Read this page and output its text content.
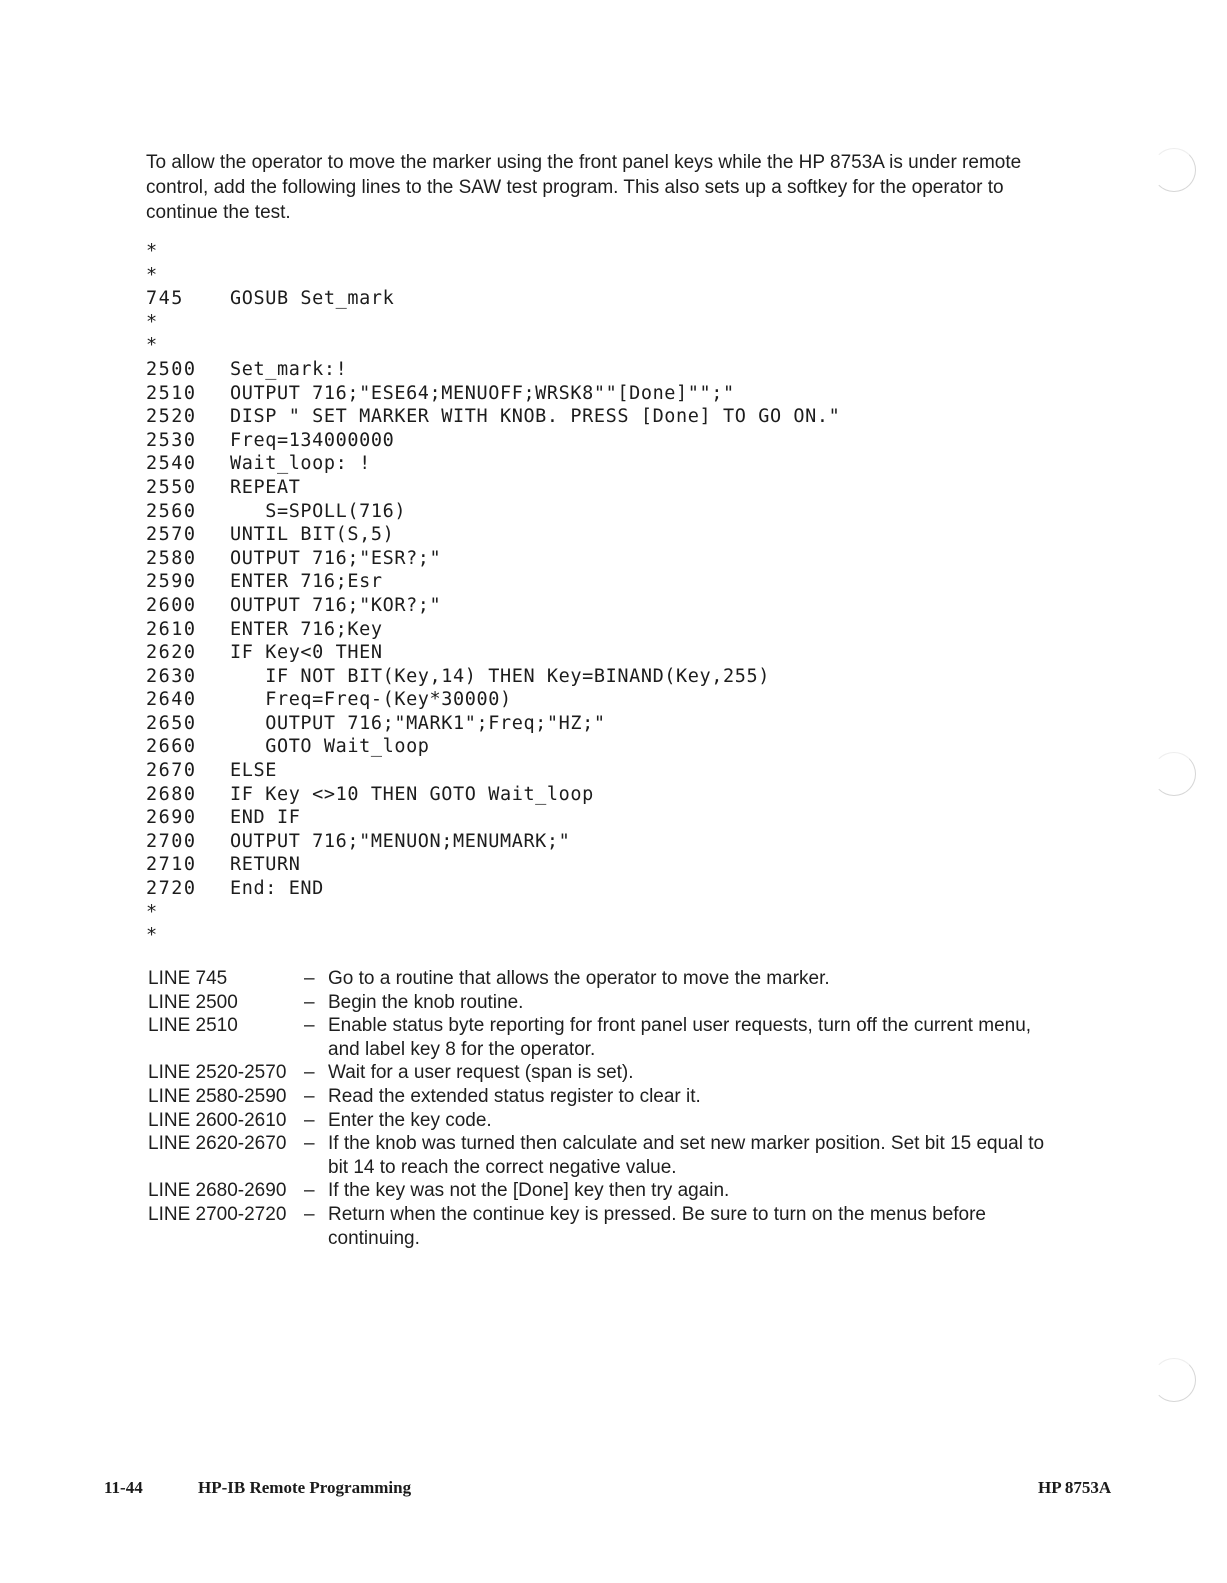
To allow the operator to move the marker using the front panel keys while the HP 8753A is under remote control, add the following lines to the SAW test program. This also sets up a softkey for the operator to continue the test.

*
*
745	GOSUB Set_mark
*
*
2500	Set_mark:!
2510	OUTPUT 716;"ESE64;MENUOFF;WRSK8""[Done]"";"
2520	DISP " SET MARKER WITH KNOB. PRESS [Done] TO GO ON."
2530	Freq=134000000
2540	Wait_loop: !
2550	REPEAT
2560	S=SPOLL(716)
2570	UNTIL BIT(S,5)
2580	OUTPUT 716;"ESR?;"
2590	ENTER 716;Esr
2600	OUTPUT 716;"KOR?;"
2610	ENTER 716;Key
2620	IF Key<0 THEN
2630	IF NOT BIT(Key,14) THEN Key=BINAND(Key,255)
2640	Freq=Freq-(Key*30000)
2650	OUTPUT 716;"MARK1";Freq;"HZ;"
2660	GOTO Wait_loop
2670	ELSE
2680	IF Key <>10 THEN GOTO Wait_loop
2690	END IF
2700	OUTPUT 716;"MENUON;MENUMARK;"
2710	RETURN
2720	End: END
*
*
LINE 745	– Go to a routine that allows the operator to move the marker.
LINE 2500	– Begin the knob routine.
LINE 2510	– Enable status byte reporting for front panel user requests, turn off the current menu, and label key 8 for the operator.
LINE 2520-2570 – Wait for a user request (span is set).
LINE 2580-2590 – Read the extended status register to clear it.
LINE 2600-2610 – Enter the key code.
LINE 2620-2670 – If the knob was turned then calculate and set new marker position. Set bit 15 equal to bit 14 to reach the correct negative value.
LINE 2680-2690 – If the key was not the [Done] key then try again.
LINE 2700-2720 – Return when the continue key is pressed. Be sure to turn on the menus before continuing.
11-44	HP-IB Remote Programming	HP 8753A
